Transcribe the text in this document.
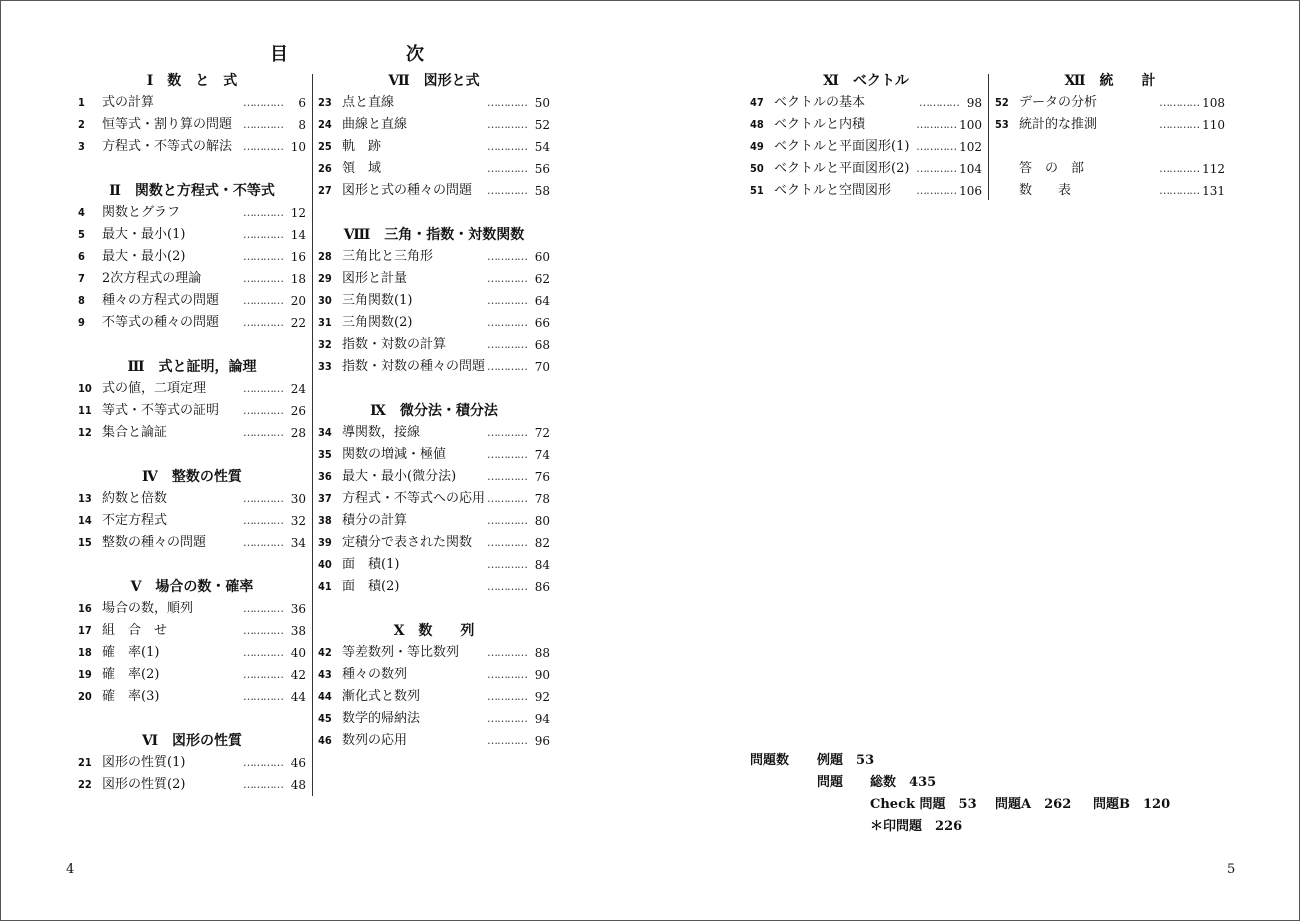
目　次
Ⅰ　数　と　式
1	式の計算	…………	6
2	恒等式・割り算の問題 …………	8
3	方程式・不等式の解法 ………… 10
Ⅱ　関数と方程式・不等式
4	関数とグラフ	………… 12
5	最大・最小(1)	………… 14
6	最大・最小(2)	………… 16
7	2次方程式の理論	………… 18
8	種々の方程式の問題	………… 20
9	不等式の種々の問題	………… 22
Ⅲ　式と証明，論理
10 式の値，二項定理	………… 24
11 等式・不等式の証明	………… 26
12 集合と論証	………… 28
Ⅳ　整数の性質
13 約数と倍数	………… 30
14 不定方程式	………… 32
15 整数の種々の問題	………… 34
Ⅴ　場合の数・確率
16 場合の数，順列	………… 36
17 組　合　せ	………… 38
18 確　率(1)	………… 40
19 確　率(2)	………… 42
20 確　率(3)	………… 44
Ⅵ　図形の性質
21 図形の性質(1)	………… 46
22 図形の性質(2)	………… 48
Ⅶ　図形と式
23 点と直線	………… 50
24 曲線と直線	………… 52
25 軌　跡	………… 54
26 領　域	………… 56
27 図形と式の種々の問題	………… 58
Ⅷ　三角・指数・対数関数
28 三角比と三角形	………… 60
29 図形と計量	………… 62
30 三角関数(1)	………… 64
31 三角関数(2)	………… 66
32 指数・対数の計算	………… 68
33 指数・対数の種々の問題 ………… 70
Ⅸ　微分法・積分法
34 導関数，接線	………… 72
35 関数の増減・極値	………… 74
36 最大・最小(微分法)	………… 76
37 方程式・不等式への応用 ………… 78
38 積分の計算	………… 80
39 定積分で表された関数	………… 82
40 面　積(1)	………… 84
41 面　積(2)	………… 86
Ⅹ　数　　列
42 等差数列・等比数列	………… 88
43 種々の数列	………… 90
44 漸化式と数列	………… 92
45 数学的帰納法	………… 94
46 数列の応用	………… 96
Ⅺ　ベクトル
47 ベクトルの基本	………… 98
48 ベクトルと内積	………… 100
49 ベクトルと平面図形(1) ………… 102
50 ベクトルと平面図形(2) ………… 104
51 ベクトルと空間図形	………… 106
Ⅻ　統　　計
52 データの分析	………… 108
53 統計的な推測	………… 110
答　の　部	………… 112
数　　表	………… 131
問題数 例題　 53
問題 総数　 435
Check 問題　 53 問題A　 262 問題B　 120
＊印問題　 226
4	5
